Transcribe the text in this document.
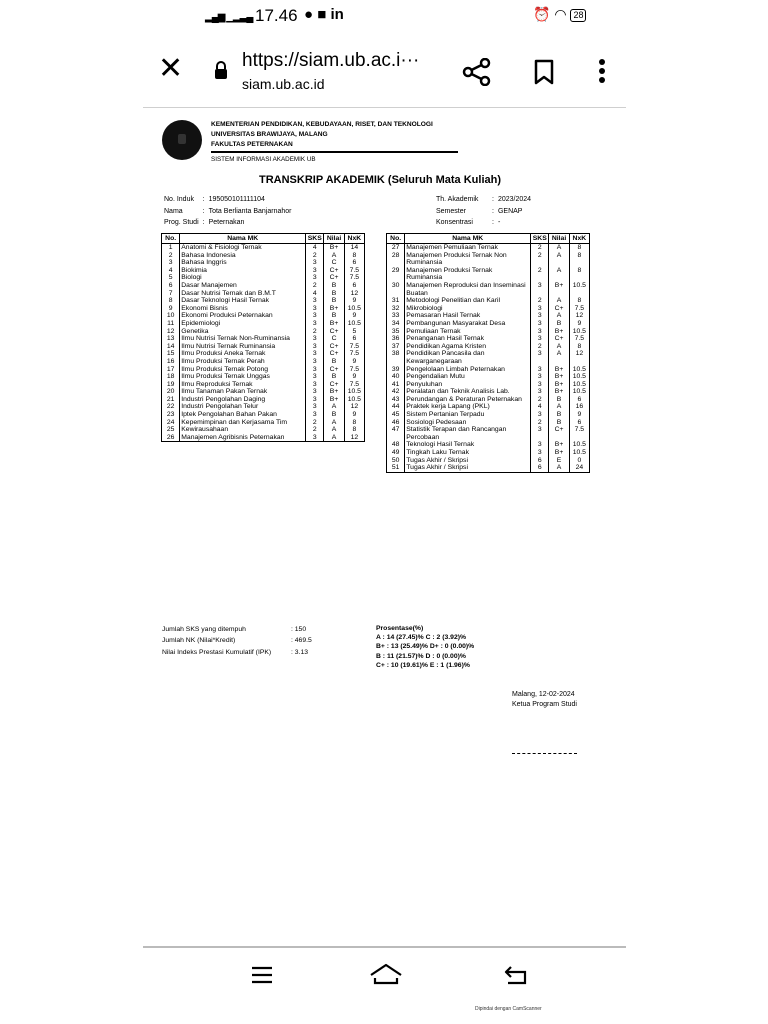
▂▄▆ ▁▂▃▄ 17.46 ● ■ in	⏰ ◠ 28
✕	https://siam.ub.ac.i···
siam.ub.ac.id
KEMENTERIAN PENDIDIKAN, KEBUDAYAAN, RISET, DAN TEKNOLOGI
UNIVERSITAS BRAWIJAYA, MALANG
FAKULTAS PETERNAKAN
SISTEM INFORMASI AKADEMIK UB
TRANSKRIP AKADEMIK (Seluruh Mata Kuliah)
No. Induk	:	195050101111104
Nama	:	Tota Berlianta Banjarnahor
Prog. Studi	:	Peternakan
Th. Akademik	:	2023/2024
Semester	:	GENAP
Konsentrasi	:	-
No.	Nama MK	SKS	Nilai	NxK
1	Anatomi & Fisiologi Ternak	4	B+	14
2	Bahasa Indonesia	2	A	8
3	Bahasa Inggris	3	C	6
4	Biokimia	3	C+	7.5
5	Biologi	3	C+	7.5
6	Dasar Manajemen	2	B	6
7	Dasar Nutrisi Ternak dan B.M.T	4	B	12
8	Dasar Teknologi Hasil Ternak	3	B	9
9	Ekonomi Bisnis	3	B+	10.5
10	Ekonomi Produksi Peternakan	3	B	9
11	Epidemiologi	3	B+	10.5
12	Genetika	2	C+	5
13	Ilmu Nutrisi Ternak Non-Ruminansia	3	C	6
14	Ilmu Nutrisi Ternak Ruminansia	3	C+	7.5
15	Ilmu Produksi Aneka Ternak	3	C+	7.5
16	Ilmu Produksi Ternak Perah	3	B	9
17	Ilmu Produksi Ternak Potong	3	C+	7.5
18	Ilmu Produksi Ternak Unggas	3	B	9
19	Ilmu Reproduksi Ternak	3	C+	7.5
20	Ilmu Tanaman Pakan Ternak	3	B+	10.5
21	Industri Pengolahan Daging	3	B+	10.5
22	Industri Pengolahan Telur	3	A	12
23	Iptek Pengolahan Bahan Pakan	3	B	9
24	Kepemimpinan dan Kerjasama Tim	2	A	8
25	Kewirausahaan	2	A	8
26	Manajemen Agribisnis Peternakan	3	A	12
No.	Nama MK	SKS	Nilai	NxK
27	Manajemen Pemuliaan Ternak	2	A	8
28	Manajemen Produksi Ternak Non Ruminansia	2	A	8
29	Manajemen Produksi Ternak Ruminansia	2	A	8
30	Manajemen Reproduksi dan Inseminasi Buatan	3	B+	10.5
31	Metodologi Penelitian dan Karil	2	A	8
32	Mikrobiologi	3	C+	7.5
33	Pemasaran Hasil Ternak	3	A	12
34	Pembangunan Masyarakat Desa	3	B	9
35	Pemuliaan Ternak	3	B+	10.5
36	Penanganan Hasil Ternak	3	C+	7.5
37	Pendidikan Agama Kristen	2	A	8
38	Pendidikan Pancasila dan Kewarganegaraan	3	A	12
39	Pengelolaan Limbah Peternakan	3	B+	10.5
40	Pengendalian Mutu	3	B+	10.5
41	Penyuluhan	3	B+	10.5
42	Peralatan dan Teknik Analisis Lab.	3	B+	10.5
43	Perundangan & Peraturan Peternakan	2	B	6
44	Praktek kerja Lapang (PKL)	4	A	16
45	Sistem Pertanian Terpadu	3	B	9
46	Sosiologi Pedesaan	2	B	6
47	Statistik Terapan dan Rancangan Percobaan	3	C+	7.5
48	Teknologi Hasil Ternak	3	B+	10.5
49	Tingkah Laku Ternak	3	B+	10.5
50	Tugas Akhir / Skripsi	6	E	0
51	Tugas Akhir / Skripsi	6	A	24
Jumlah SKS yang ditempuh	: 150
Jumlah NK (Nilai*Kredit)	: 469.5
Nilai Indeks Prestasi Kumulatif (IPK)	: 3.13
Prosentase(%)
A : 14 (27.45)% C : 2 (3.92)%
B+ : 13 (25.49)% D+ : 0 (0.00)%
B : 11 (21.57)% D : 0 (0.00)%
C+ : 10 (19.61)% E : 1 (1.96)%
Malang, 12-02-2024
Ketua Program Studi
Dipindai dengan CamScanner
